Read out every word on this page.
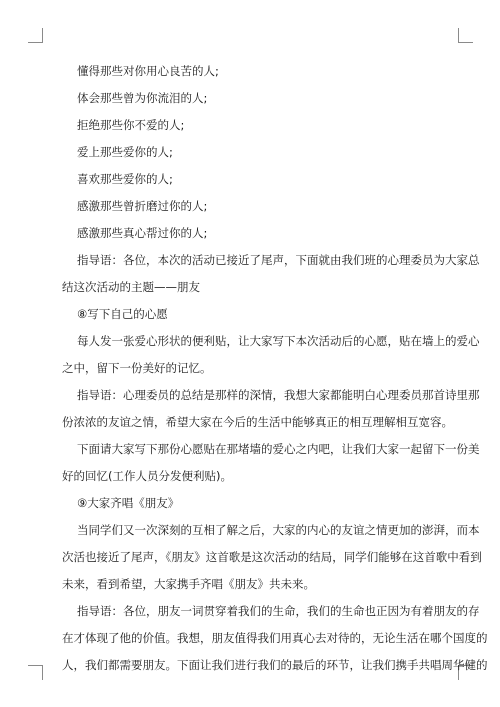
懂得那些对你用心良苦的人;
体会那些曾为你流泪的人;
拒绝那些你不爱的人;
爱上那些爱你的人;
喜欢那些爱你的人;
感激那些曾折磨过你的人;
感激那些真心帮过你的人;
指导语：各位，本次的活动已接近了尾声，下面就由我们班的心理委员为大家总
结这次活动的主题——朋友
⑧写下自己的心愿
每人发一张爱心形状的便利贴，让大家写下本次活动后的心愿，贴在墙上的爱心
之中，留下一份美好的记忆。
指导语：心理委员的总结是那样的深情，我想大家都能明白心理委员那首诗里那
份浓浓的友谊之情，希望大家在今后的生活中能够真正的相互理解相互宽容。
下面请大家写下那份心愿贴在那堵墙的爱心之内吧，让我们大家一起留下一份美
好的回忆(工作人员分发便利贴)。
⑨大家齐唱《朋友》
当同学们又一次深刻的互相了解之后，大家的内心的友谊之情更加的澎湃，而本
次活也接近了尾声，《朋友》这首歌是这次活动的结局，同学们能够在这首歌中看到
未来，看到希望，大家携手齐唱《朋友》共未来。
指导语：各位，朋友一词贯穿着我们的生命，我们的生命也正因为有着朋友的存
在才体现了他的价值。我想，朋友值得我们用真心去对待的，无论生活在哪个国度的
人，我们都需要朋友。下面让我们进行我们的最后的环节，让我们携手共唱周华健的
